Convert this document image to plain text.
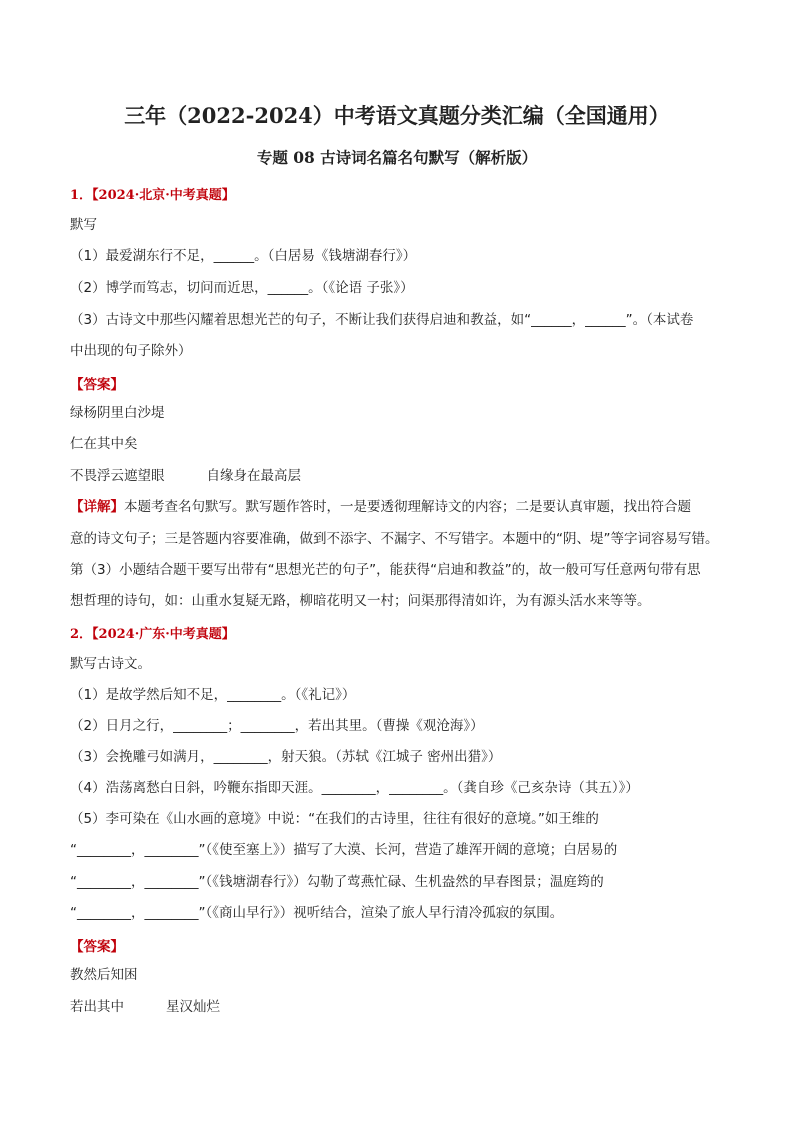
三年（2022-2024）中考语文真题分类汇编（全国通用）
专题 08 古诗词名篇名句默写（解析版）
1．【2024·北京·中考真题】
默写
（1）最爱湖东行不足，______。（白居易《钱塘湖春行》）
（2）博学而笃志，切问而近思，______。（《论语 子张》）
（3）古诗文中那些闪耀着思想光芒的句子，不断让我们获得启迪和教益，如“______，______”。（本试卷
中出现的句子除外）
【答案】
绿杨阴里白沙堤
仁在其中矣
不畏浮云遮望眼	自缘身在最高层
【详解】本题考查名句默写。默写题作答时，一是要透彻理解诗文的内容；二是要认真审题，找出符合题
意的诗文句子；三是答题内容要准确，做到不添字、不漏字、不写错字。本题中的“阴、堤”等字词容易写错。
第（3）小题结合题干要写出带有“思想光芒的句子”，能获得“启迪和教益”的，故一般可写任意两句带有思
想哲理的诗句，如：山重水复疑无路，柳暗花明又一村；问渠那得清如许，为有源头活水来等等。
2．【2024·广东·中考真题】
默写古诗文。
（1）是故学然后知不足，________。（《礼记》）
（2）日月之行，________；________，若出其里。（曹操《观沧海》）
（3）会挽雕弓如满月，________，射天狼。（苏轼《江城子 密州出猎》）
（4）浩荡离愁白日斜，吟鞭东指即天涯。________，________。（龚自珍《己亥杂诗（其五）》）
（5）李可染在《山水画的意境》中说：“在我们的古诗里，往往有很好的意境。”如王维的
“________，________”（《使至塞上》）描写了大漠、长河，营造了雄浑开阔的意境；白居易的
“________，________”（《钱塘湖春行》）勾勒了莺燕忙碌、生机盎然的早春图景；温庭筠的
“________，________”（《商山早行》）视听结合，渲染了旅人早行清冷孤寂的氛围。
【答案】
教然后知困
若出其中	星汉灿烂
